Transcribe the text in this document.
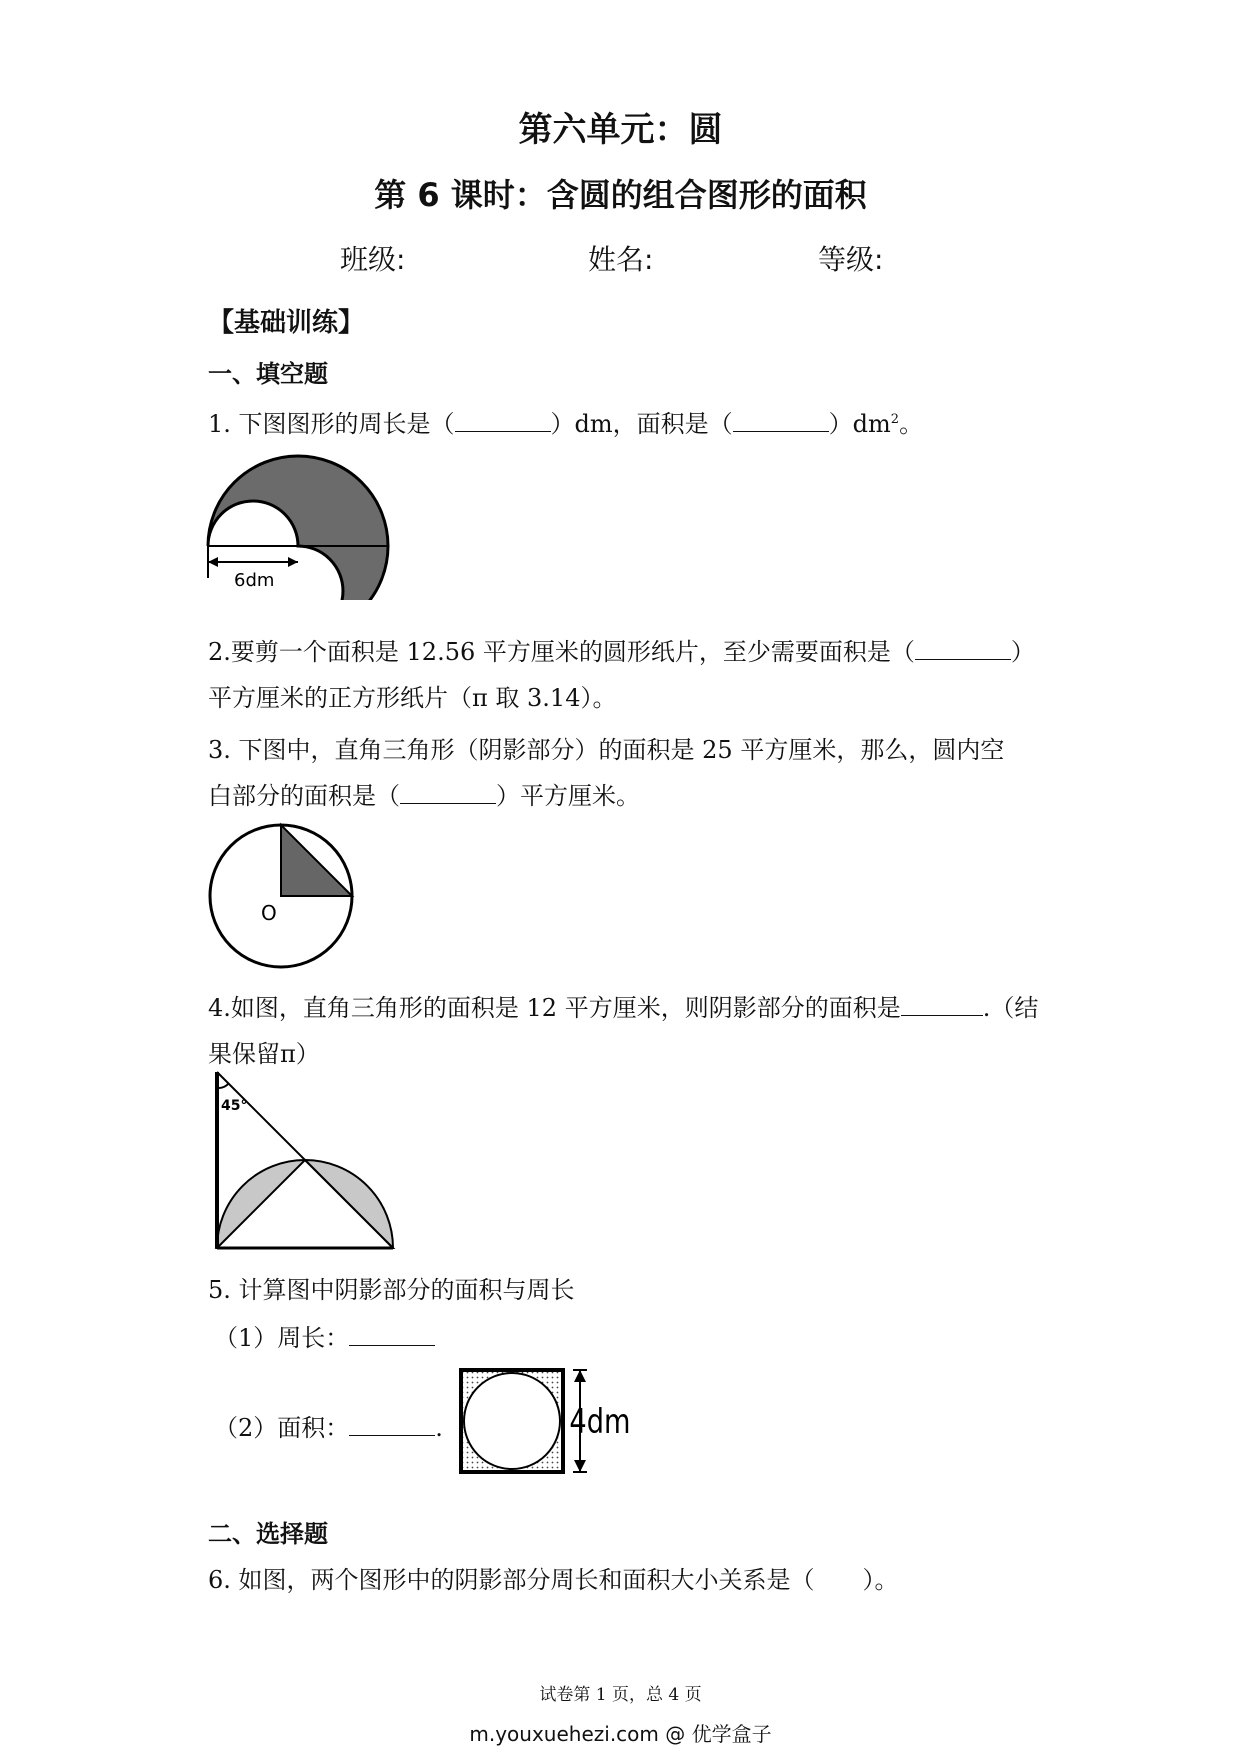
第六单元：圆
第 6 课时：含圆的组合图形的面积
班级:	姓名:	等级:
【基础训练】
一、填空题
1. 下图图形的周长是（	）dm，面积是（	）$dm^2$。
6dm
2.要剪一个面积是 12.56 平方厘米的圆形纸片，至少需要面积是（	）
平方厘米的正方形纸片（π 取 3.14）。
3. 下图中，直角三角形（阴影部分）的面积是 25 平方厘米，那么，圆内空
白部分的面积是（	）平方厘米。
O
4.如图，直角三角形的面积是 12 平方厘米，则阴影部分的面积是	.（结
果保留π）
45°
5. 计算图中阴影部分的面积与周长
（1）周长：
（2）面积：	.	4dm
二、选择题
6. 如图，两个图形中的阴影部分周长和面积大小关系是（　　）。
试卷第 1 页，总 4 页
m.youxuehezi.com @ 优学盒子
